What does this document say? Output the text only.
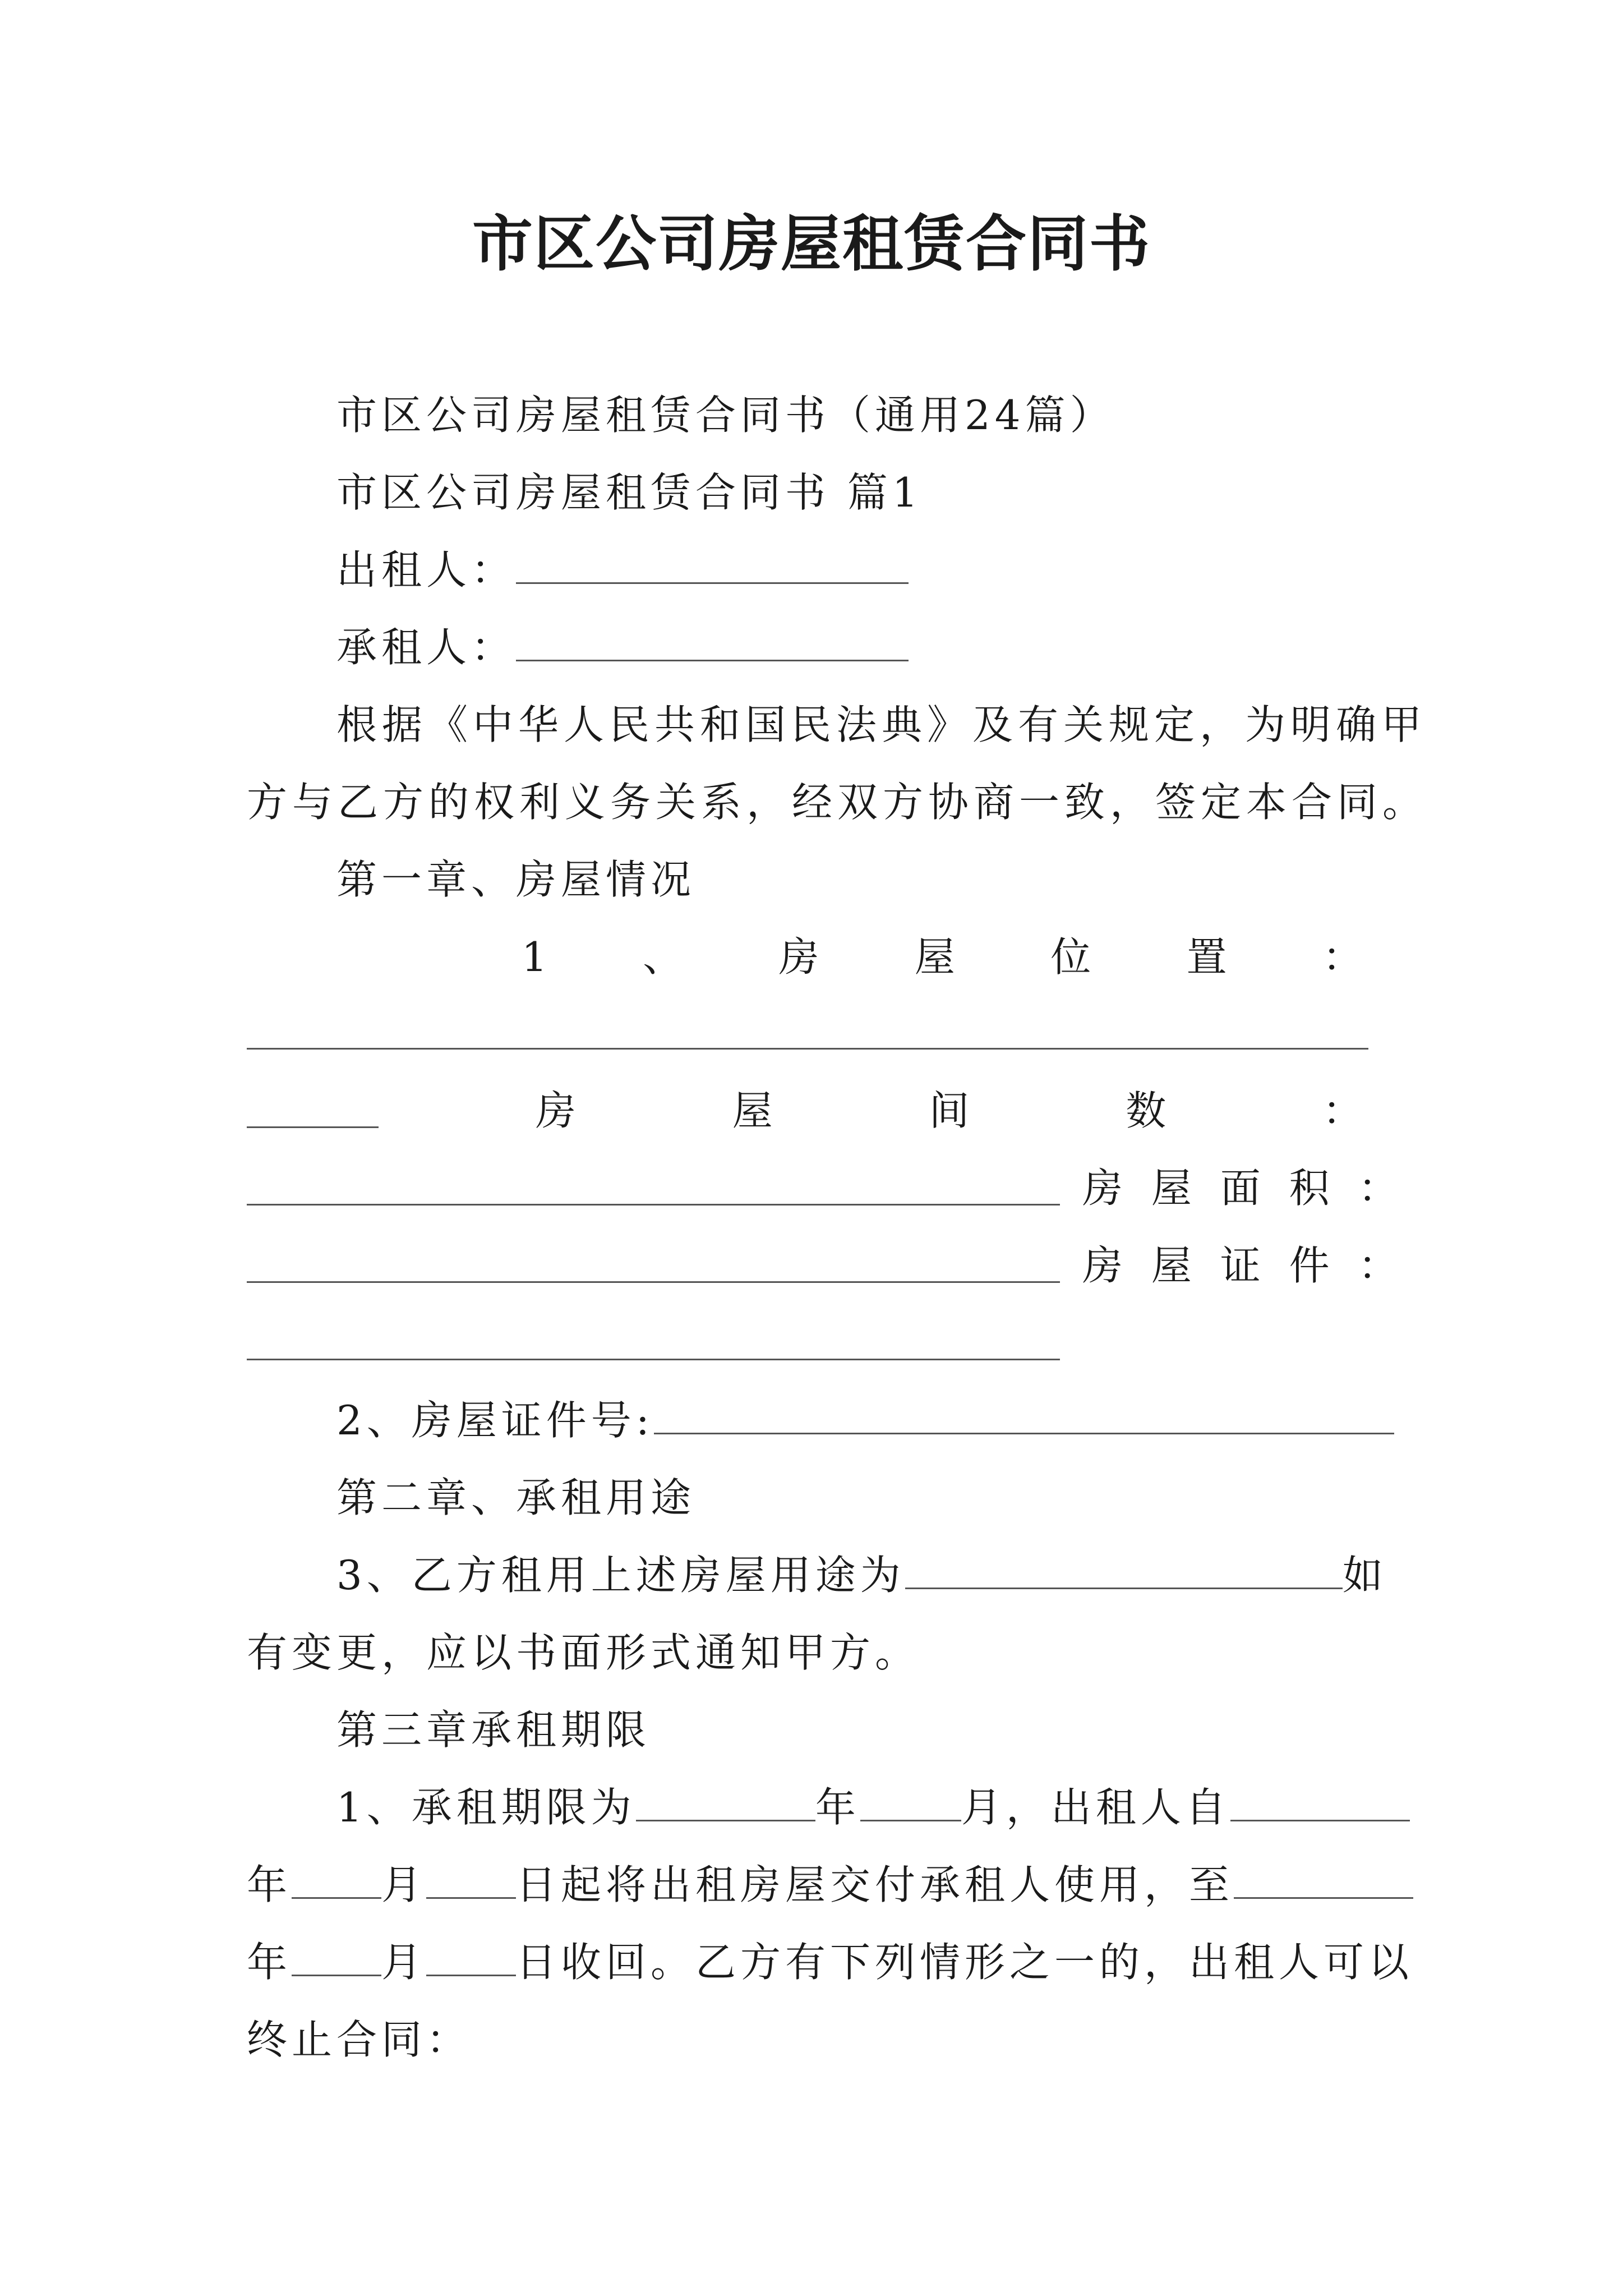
市区公司房屋租赁合同书
市区公司房屋租赁合同书（通用24篇）
市区公司房屋租赁合同书 篇1
出租人：
承租人：
根据《中华人民共和国民法典》及有关规定，为明确甲
方与乙方的权利义务关系，经双方协商一致，签定本合同。
第一章、房屋情况
1 、 房 屋 位 置 ：
房	屋	间	数	：
房 屋 面 积 ：
房 屋 证 件 ：
2、房屋证件号:
第二章、承租用途
3、乙方租用上述房屋用途为	如
有变更，应以书面形式通知甲方。
第三章承租期限
1、承租期限为	年	月，出租人自
年 月 日起将出租房屋交付承租人使用，至
年 月 日收回。乙方有下列情形之一的，出租人可以
终止合同：
